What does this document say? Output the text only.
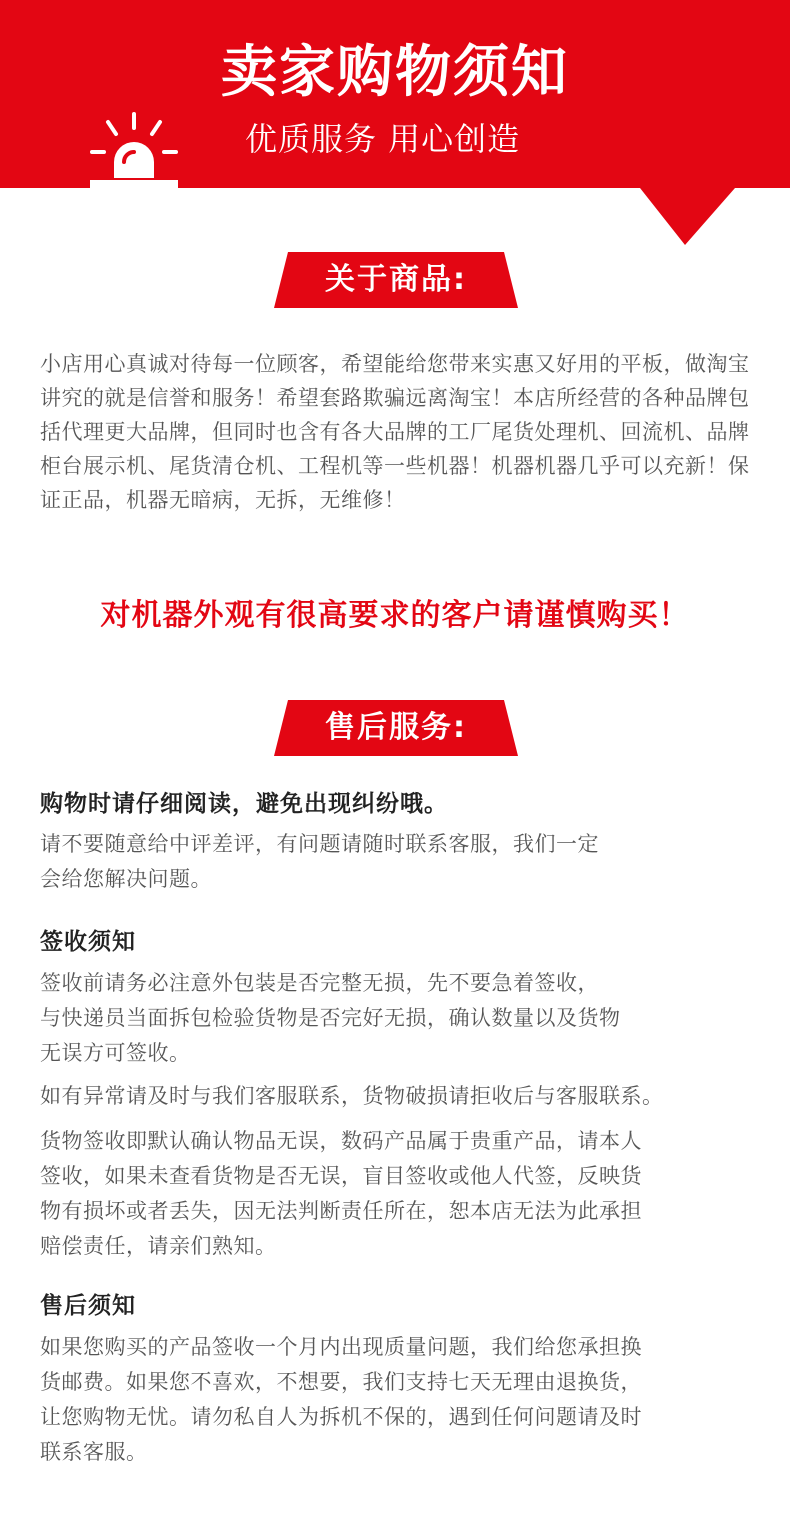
卖家购物须知
优质服务 用心创造
关于商品:

小店用心真诚对待每一位顾客，希望能给您带来实惠又好用的平板，做淘宝讲究的就是信誉和服务！希望套路欺骗远离淘宝！本店所经营的各种品牌包括代理更大品牌，但同时也含有各大品牌的工厂尾货处理机、回流机、品牌柜台展示机、尾货清仓机、工程机等一些机器！机器机器几乎可以充新！保证正品，机器无暗病，无拆，无维修！

对机器外观有很高要求的客户请谨慎购买！

售后服务:

购物时请仔细阅读，避免出现纠纷哦。

请不要随意给中评差评，有问题请随时联系客服，我们一定
会给您解决问题。

签收须知

签收前请务必注意外包装是否完整无损，先不要急着签收，
与快递员当面拆包检验货物是否完好无损，确认数量以及货物
无误方可签收。

如有异常请及时与我们客服联系，货物破损请拒收后与客服联系。

货物签收即默认确认物品无误，数码产品属于贵重产品，请本人
签收，如果未查看货物是否无误，盲目签收或他人代签，反映货
物有损坏或者丢失，因无法判断责任所在，恕本店无法为此承担
赔偿责任，请亲们熟知。

售后须知

如果您购买的产品签收一个月内出现质量问题，我们给您承担换
货邮费。如果您不喜欢，不想要，我们支持七天无理由退换货，
让您购物无忧。请勿私自人为拆机不保的，遇到任何问题请及时
联系客服。
